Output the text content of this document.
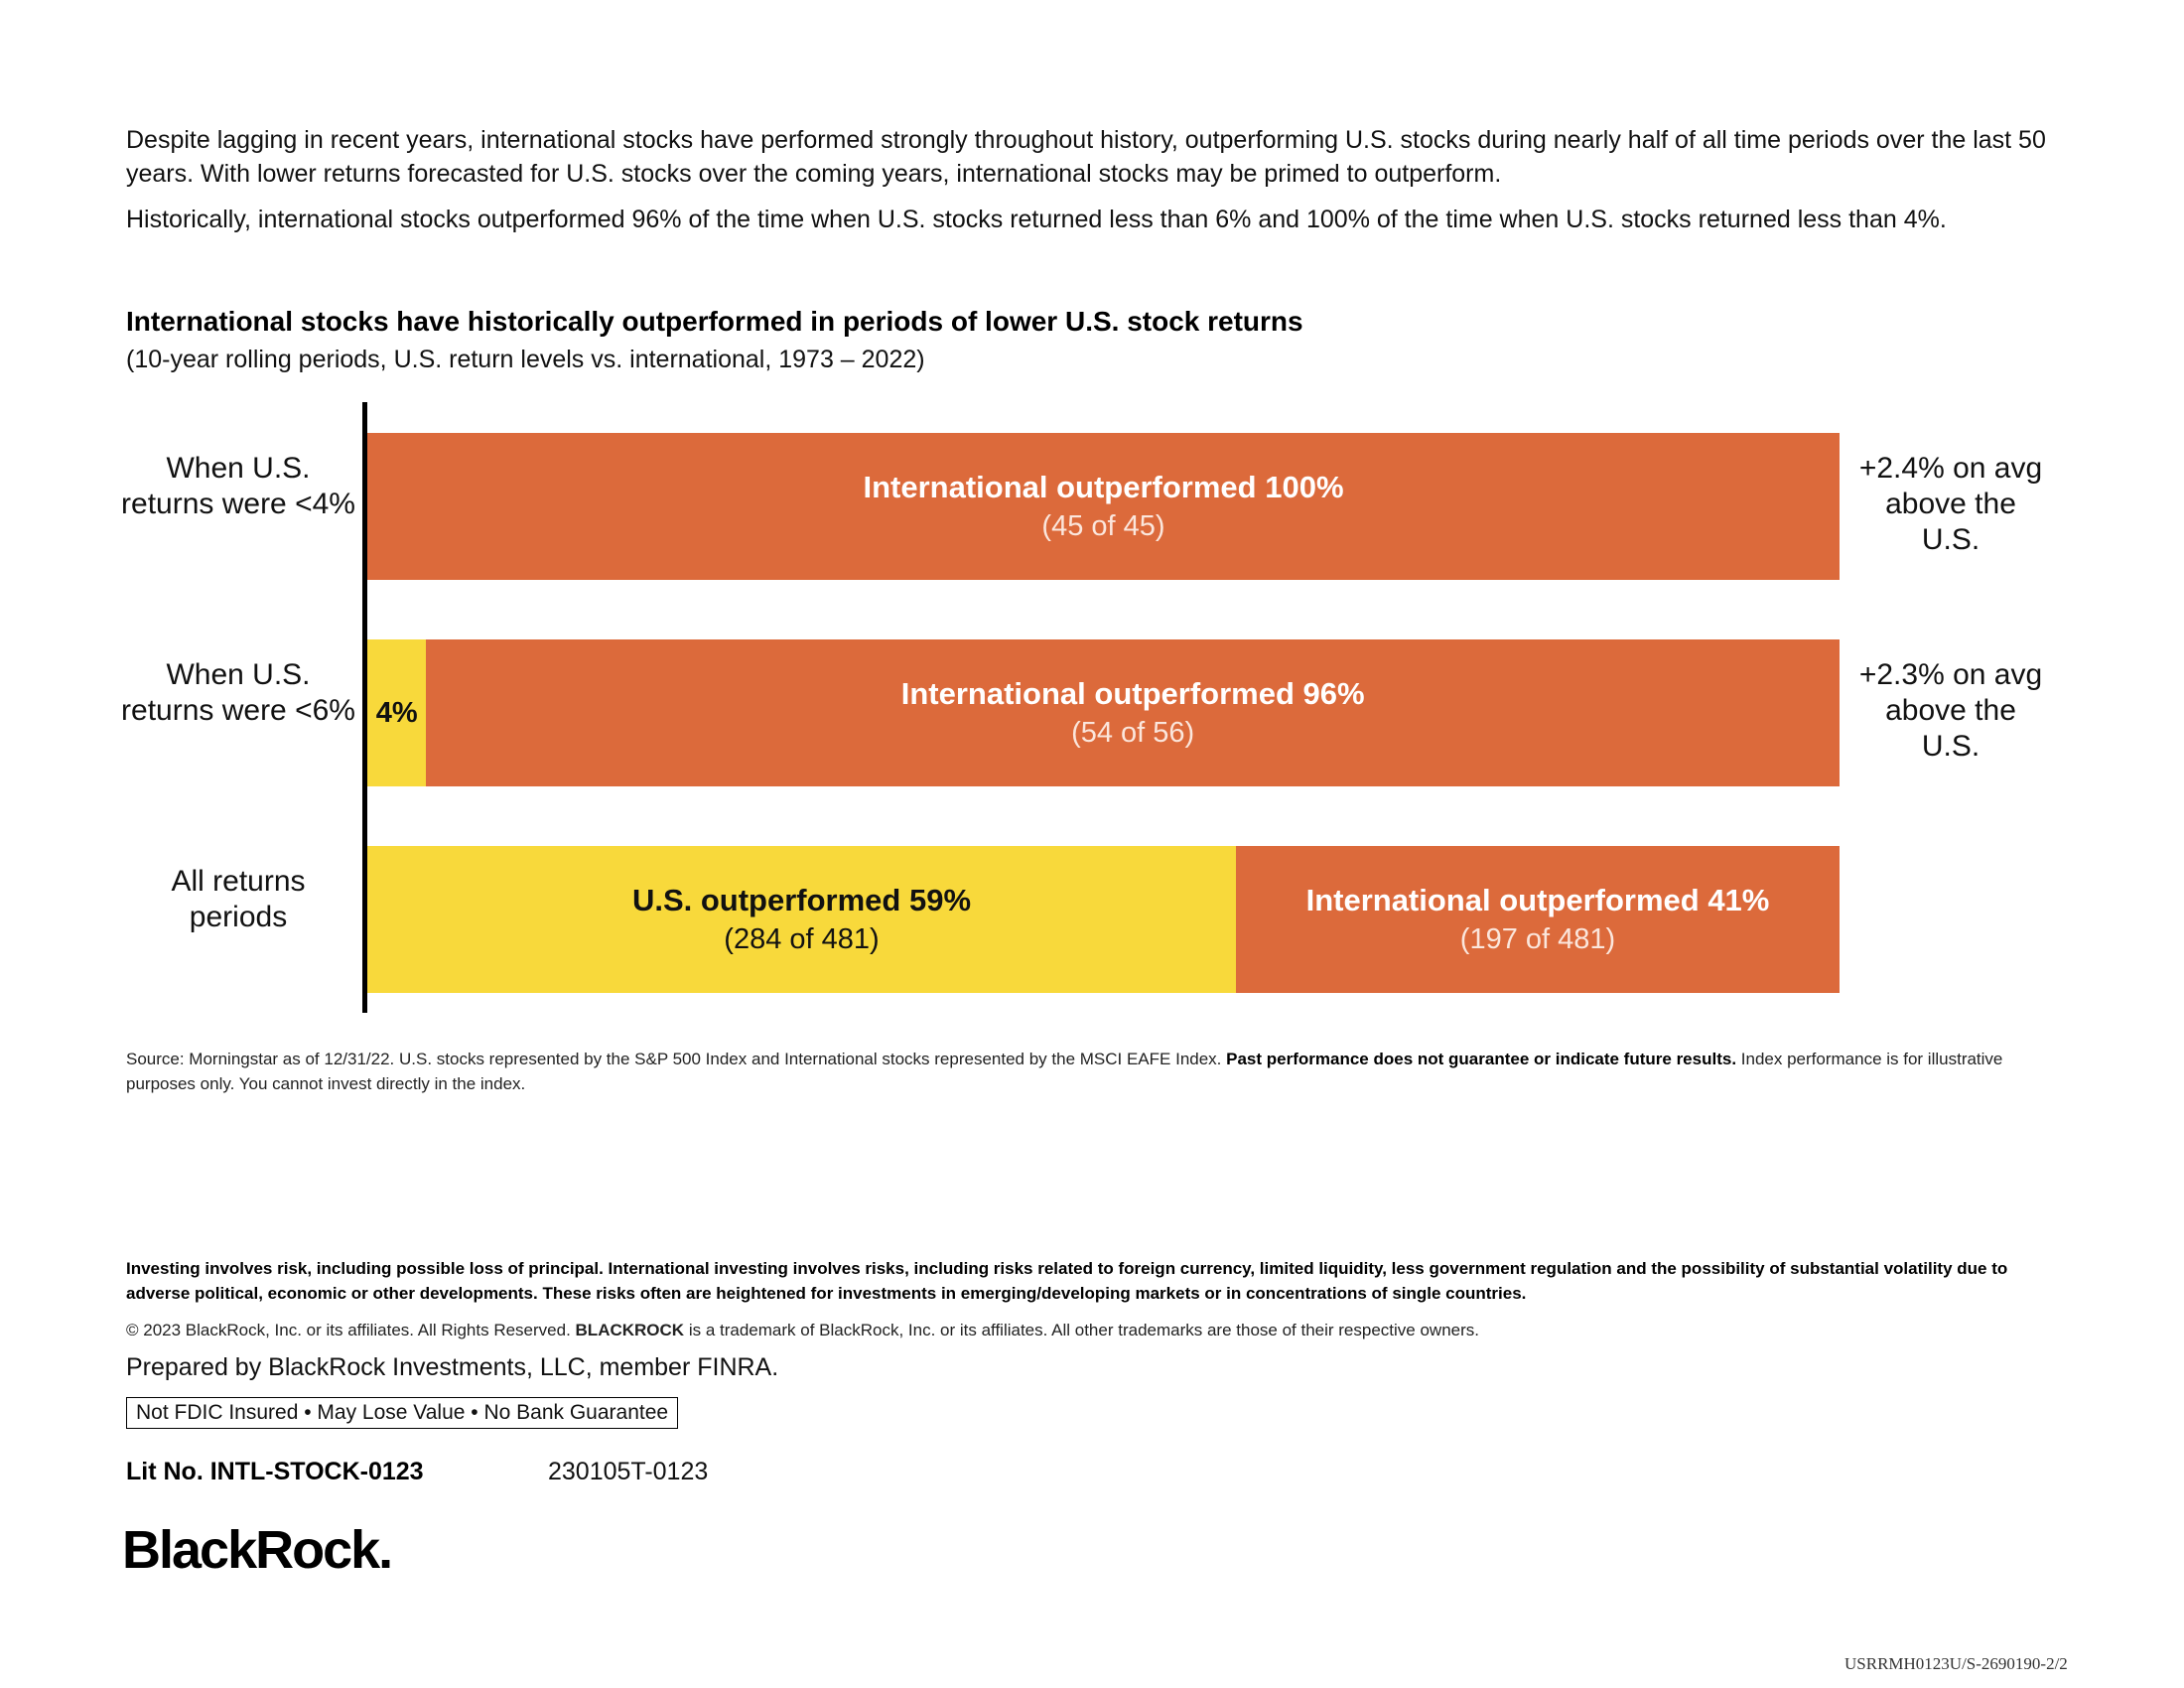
Despite lagging in recent years, international stocks have performed strongly throughout history, outperforming U.S. stocks during nearly half of all time periods over the last 50 years. With lower returns forecasted for U.S. stocks over the coming years, international stocks may be primed to outperform.

Historically, international stocks outperformed 96% of the time when U.S. stocks returned less than 6% and 100% of the time when U.S. stocks returned less than 4%.

International stocks have historically outperformed in periods of lower U.S. stock returns
(10-year rolling periods, U.S. return levels vs. international, 1973 – 2022)
When U.S. returns were <4%	International outperformed 100%
(45 of 45)
+2.4% on avg above the U.S.
When U.S. returns were <6% 4%
International outperformed 96%
(54 of 56)
+2.3% on avg above the U.S.
All returns periods	U.S. outperformed 59%
(284 of 481)
International outperformed 41%
(197 of 481)
Source: Morningstar as of 12/31/22. U.S. stocks represented by the S&P 500 Index and International stocks represented by the MSCI EAFE Index. Past performance does not guarantee or indicate future results. Index performance is for illustrative purposes only. You cannot invest directly in the index.
Investing involves risk, including possible loss of principal. International investing involves risks, including risks related to foreign currency, limited liquidity, less government regulation and the possibility of substantial volatility due to adverse political, economic or other developments. These risks often are heightened for investments in emerging/developing markets or in concentrations of single countries.
© 2023 BlackRock, Inc. or its affiliates. All Rights Reserved. BLACKROCK is a trademark of BlackRock, Inc. or its affiliates. All other trademarks are those of their respective owners.
Prepared by BlackRock Investments, LLC, member FINRA.
Not FDIC Insured • May Lose Value • No Bank Guarantee
Lit No. INTL-STOCK-0123	230105T-0123
BlackRock.
USRRMH0123U/S-2690190-2/2
